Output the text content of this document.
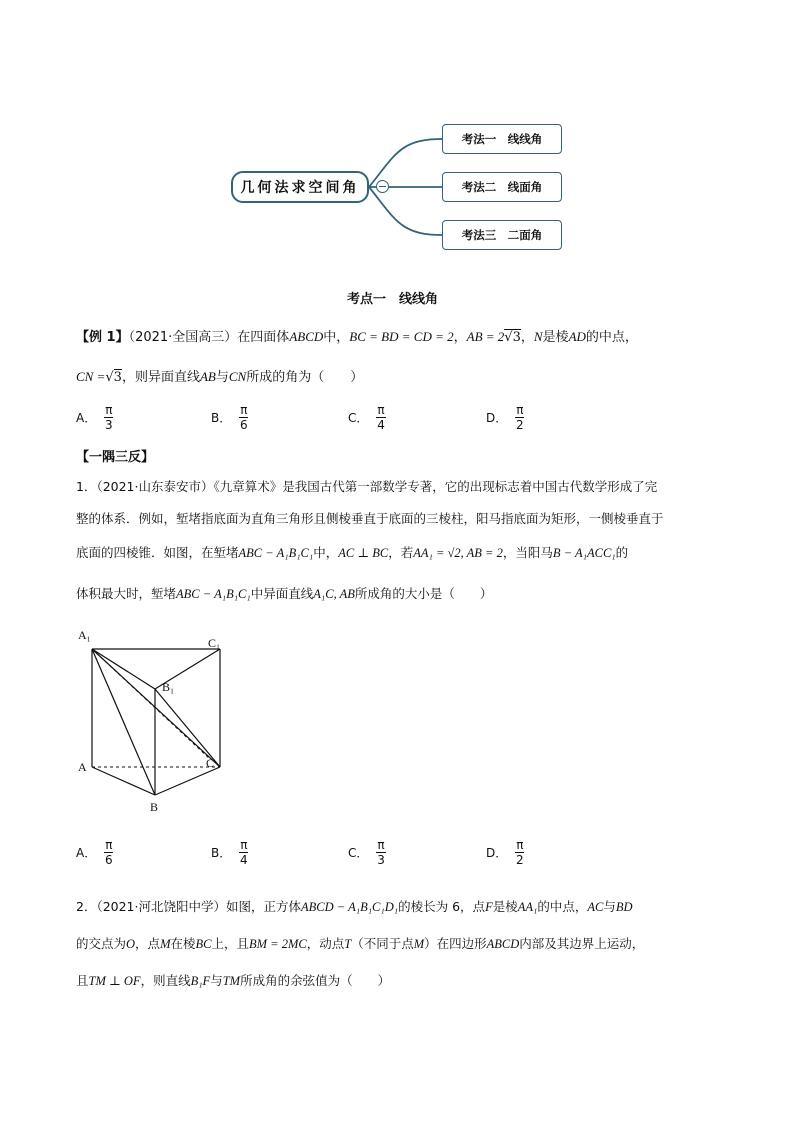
几何法求空间角
考法一　线线角
考法二　线面角
考法三　二面角
考点一　线线角
【例 1】（2021·全国高三）在四面体ABCD中，BC = BD = CD = 2，AB = 2√3，N是棱AD的中点，
CN =√3，则异面直线AB与CN所成的角为（　　）
A． $\frac{\pi}{3}$	B． $\frac{\pi}{6}$	C． $\frac{\pi}{4}$	D． $\frac{\pi}{2}$
【一隅三反】
1．（2021·山东泰安市）《九章算术》是我国古代第一部数学专著，它的出现标志着中国古代数学形成了完
整的体系．例如，堑堵指底面为直角三角形且侧棱垂直于底面的三棱柱，阳马指底面为矩形，一侧棱垂直于
底面的四棱锥．如图，在堑堵ABC − A₁B₁C₁中，AC ⊥ BC，若AA₁ = √2, AB = 2，当阳马B − A₁ACC₁的
体积最大时，堑堵ABC − A₁B₁C₁中异面直线A₁C, AB所成角的大小是（　　）
A₁
C₁
B₁
A	C
B
A． $\frac{\pi}{6}$	B． $\frac{\pi}{4}$	C． $\frac{\pi}{3}$	D． $\frac{\pi}{2}$
2．（2021·河北饶阳中学）如图，正方体ABCD − A₁B₁C₁D₁的棱长为 6，点F是棱AA₁的中点，AC与BD
的交点为O，点M在棱BC上，且BM = 2MC，动点T（不同于点M）在四边形ABCD内部及其边界上运动，
且TM ⊥ OF，则直线B₁F与TM所成角的余弦值为（　　）
